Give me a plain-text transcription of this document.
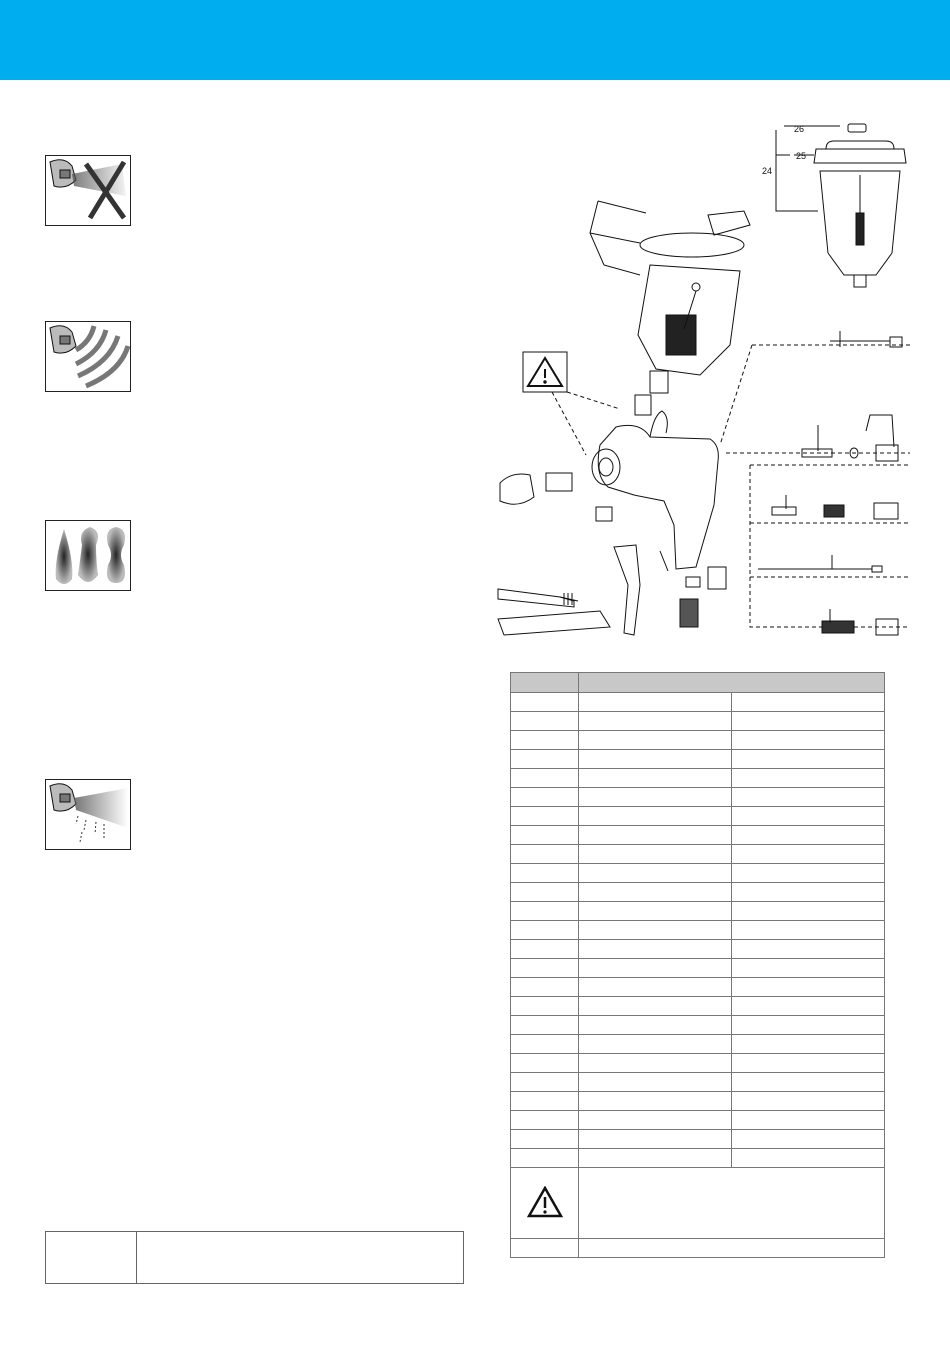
26
25
24
